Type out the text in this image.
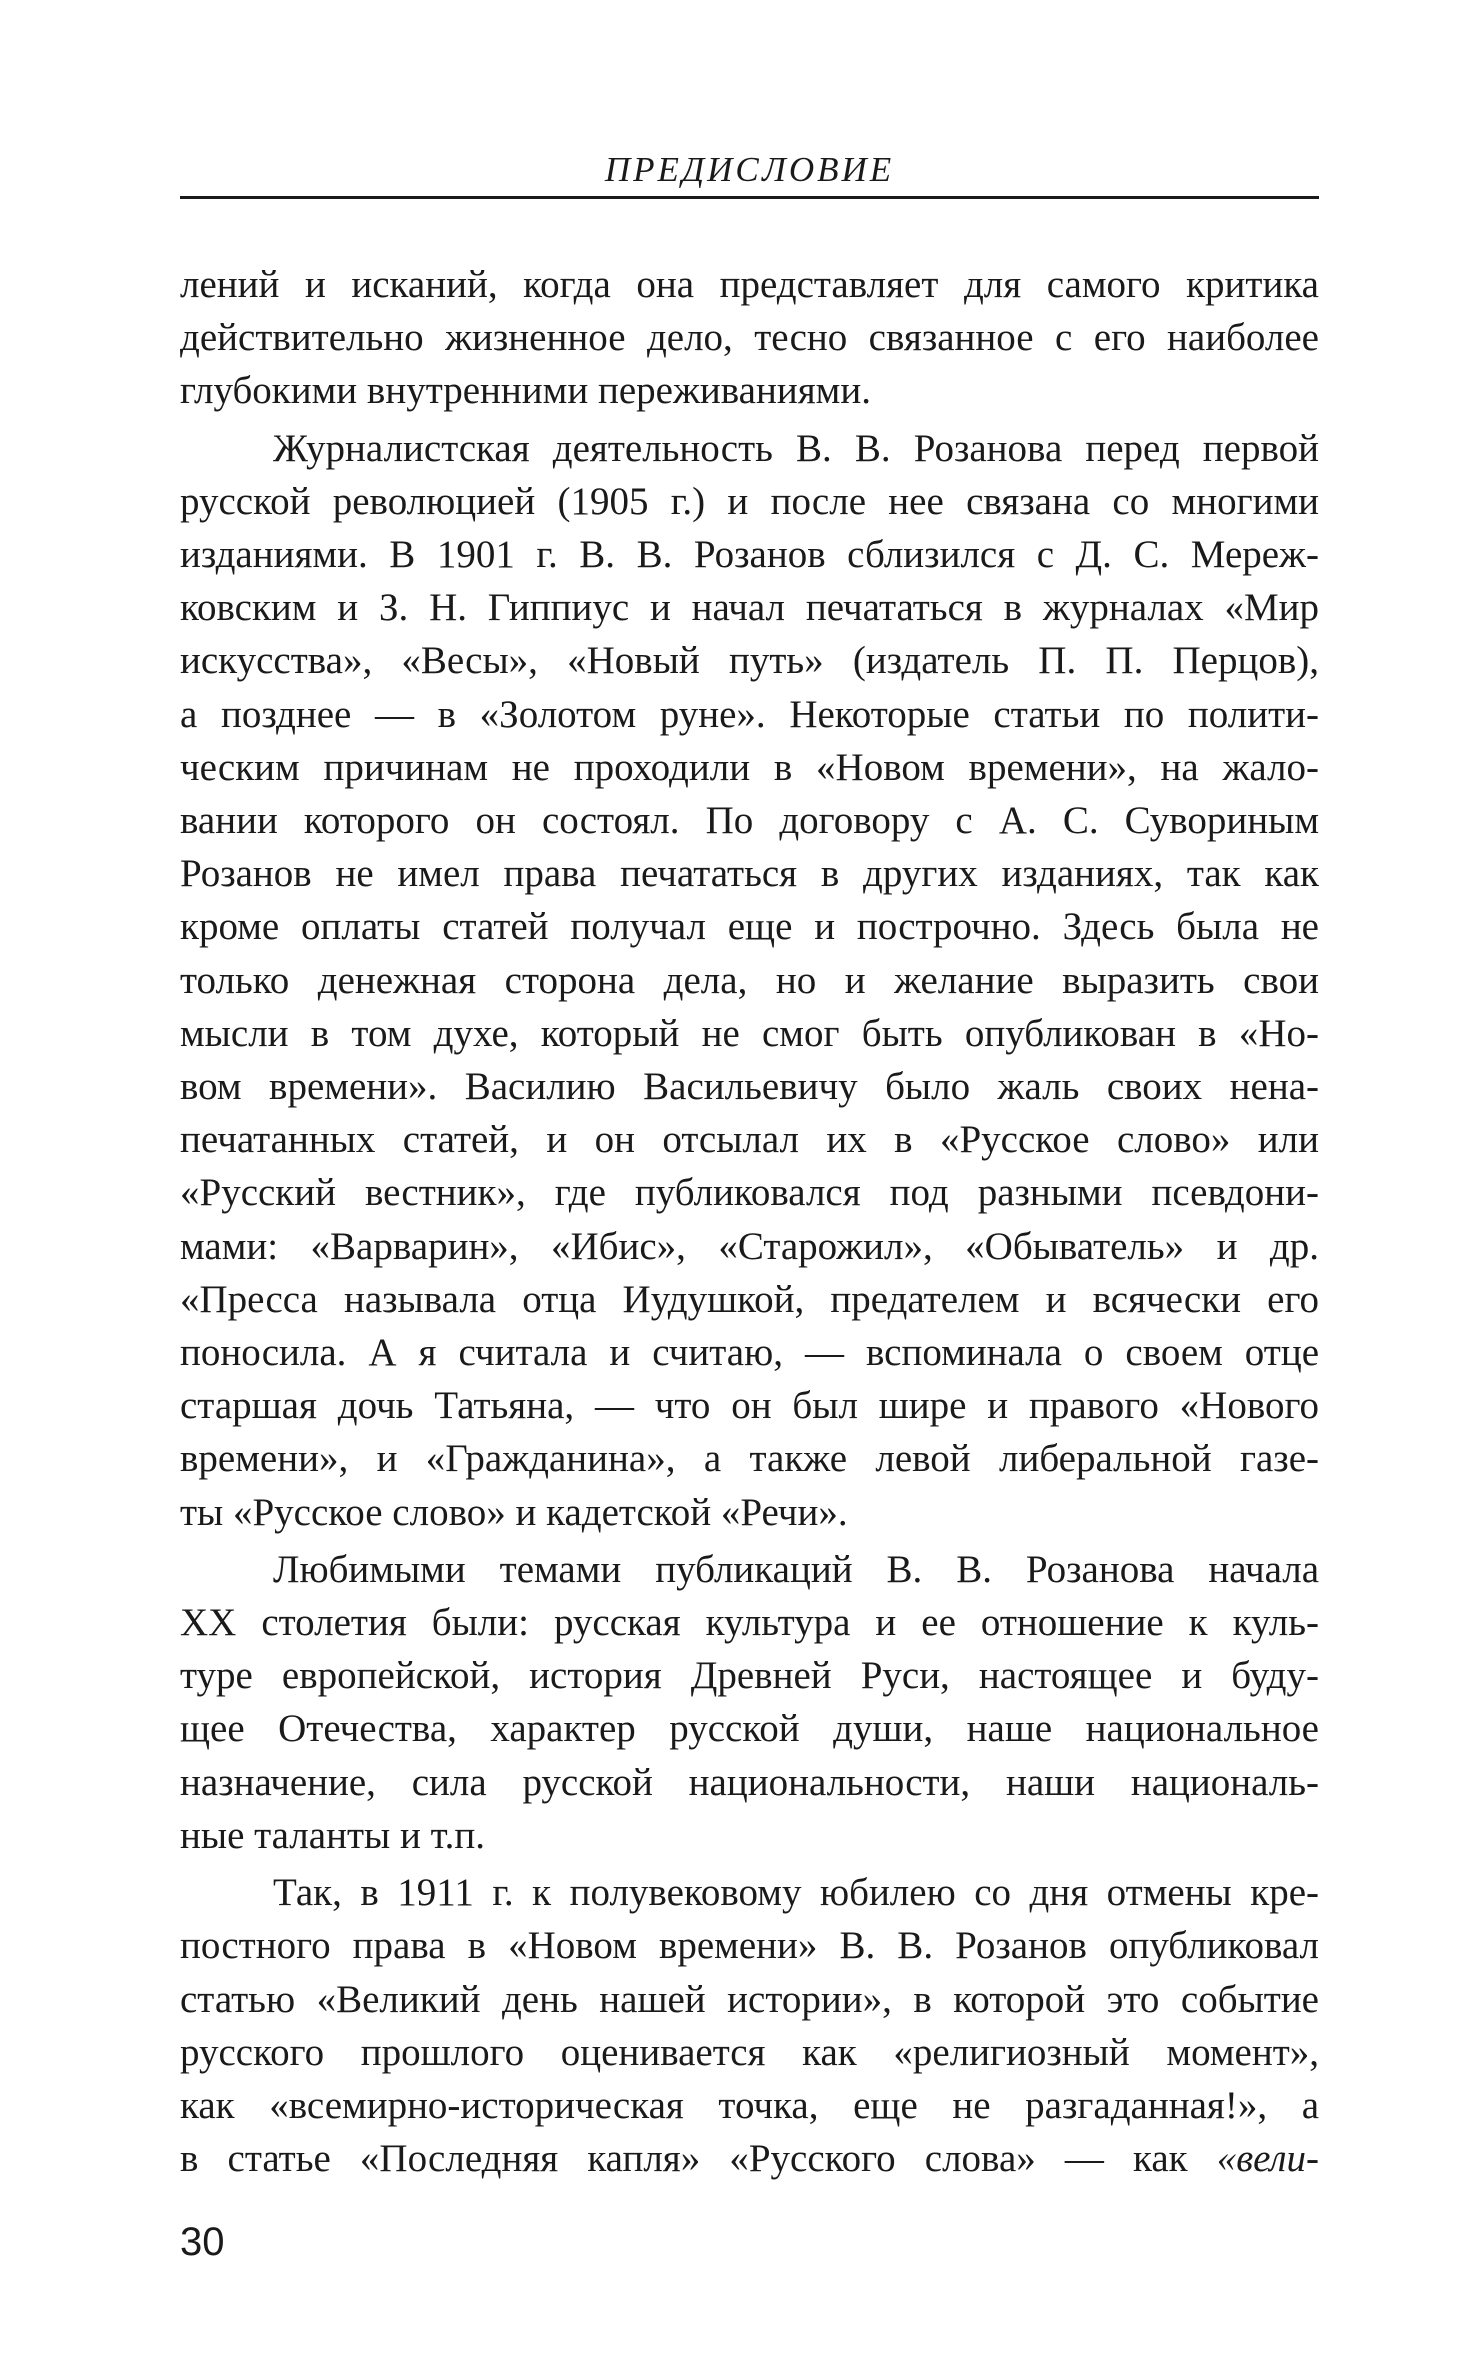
ПРЕДИСЛОВИЕ

лений и исканий, когда она представляет для самого критика
действительно жизненное дело, тесно связанное с его наиболее
глубокими внутренними переживаниями.

Журналистская деятельность В. В. Розанова перед первой
русской революцией (1905 г.) и после нее связана со многими
изданиями. В 1901 г. В. В. Розанов сблизился с Д. С. Мереж-
ковским и З. Н. Гиппиус и начал печататься в журналах «Мир
искусства», «Весы», «Новый путь» (издатель П. П. Перцов),
а позднее — в «Золотом руне». Некоторые статьи по полити-
ческим причинам не проходили в «Новом времени», на жало-
вании которого он состоял. По договору с А. С. Сувориным
Розанов не имел права печататься в других изданиях, так как
кроме оплаты статей получал еще и построчно. Здесь была не
только денежная сторона дела, но и желание выразить свои
мысли в том духе, который не смог быть опубликован в «Но-
вом времени». Василию Васильевичу было жаль своих нена-
печатанных статей, и он отсылал их в «Русское слово» или
«Русский вестник», где публиковался под разными псевдони-
мами: «Варварин», «Ибис», «Старожил», «Обыватель» и др.
«Пресса называла отца Иудушкой, предателем и всячески его
поносила. А я считала и считаю, — вспоминала о своем отце
старшая дочь Татьяна, — что он был шире и правого «Нового
времени», и «Гражданина», а также левой либеральной газе-
ты «Русское слово» и кадетской «Речи».

Любимыми темами публикаций В. В. Розанова начала
XX столетия были: русская культура и ее отношение к куль-
туре европейской, история Древней Руси, настоящее и буду-
щее Отечества, характер русской души, наше национальное
назначение, сила русской национальности, наши националь-
ные таланты и т.п.

Так, в 1911 г. к полувековому юбилею со дня отмены кре-
постного права в «Новом времени» В. В. Розанов опубликовал
статью «Великий день нашей истории», в которой это событие
русского прошлого оценивается как «религиозный момент»,
как «всемирно-историческая точка, еще не разгаданная!», а
в статье «Последняя капля» «Русского слова» — как «вели-

30
